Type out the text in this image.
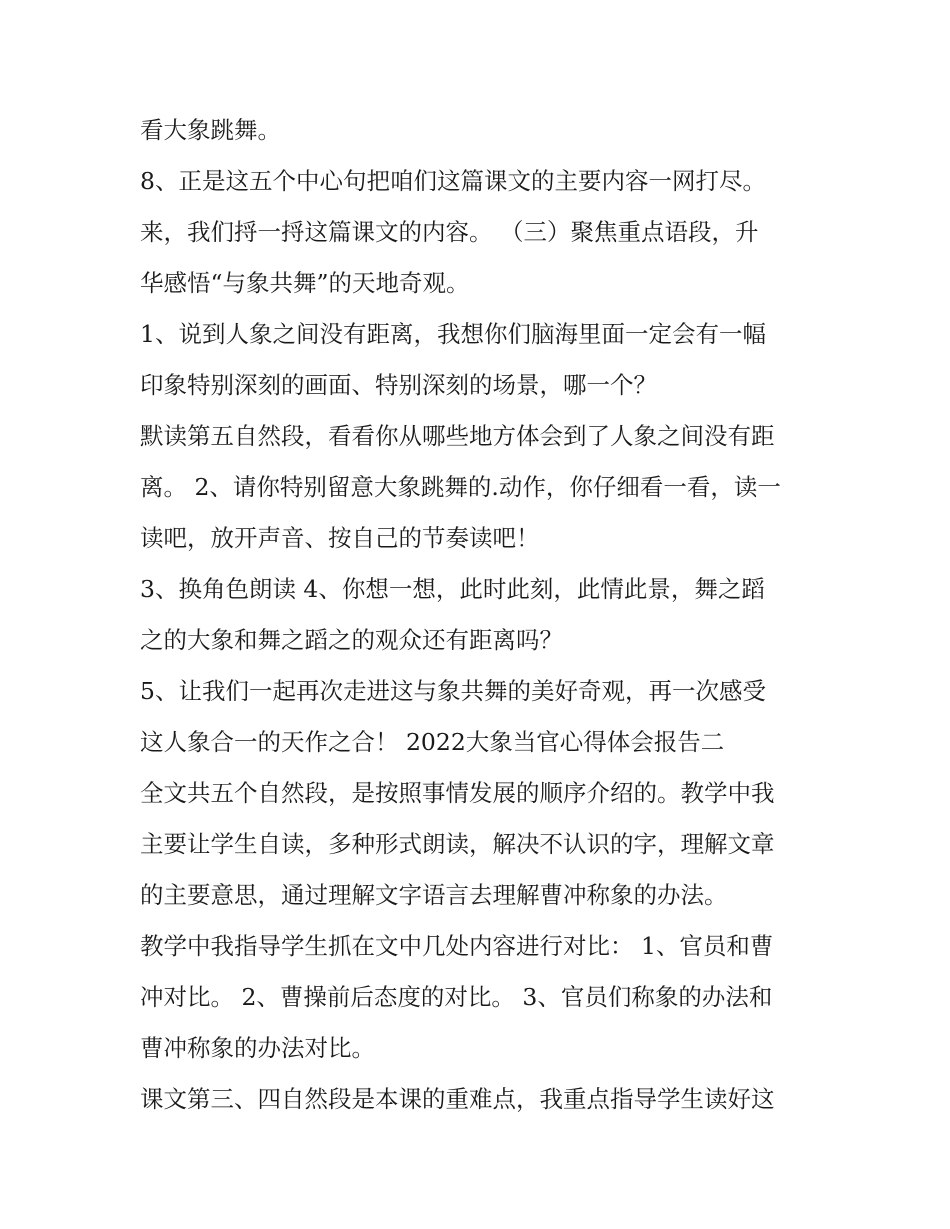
看大象跳舞。
8、正是这五个中心句把咱们这篇课文的主要内容一网打尽。
来，我们捋一捋这篇课文的内容。 （三）聚焦重点语段，升
华感悟“与象共舞”的天地奇观。
1、说到人象之间没有距离，我想你们脑海里面一定会有一幅
印象特别深刻的画面、特别深刻的场景，哪一个？
默读第五自然段，看看你从哪些地方体会到了人象之间没有距
离。 2、请你特别留意大象跳舞的.动作，你仔细看一看，读一
读吧，放开声音、按自己的节奏读吧！
3、换角色朗读 4、你想一想，此时此刻，此情此景，舞之蹈
之的大象和舞之蹈之的观众还有距离吗？
5、让我们一起再次走进这与象共舞的美好奇观，再一次感受
这人象合一的天作之合！ 2022大象当官心得体会报告二
全文共五个自然段，是按照事情发展的顺序介绍的。教学中我
主要让学生自读，多种形式朗读，解决不认识的字，理解文章
的主要意思，通过理解文字语言去理解曹冲称象的办法。
教学中我指导学生抓在文中几处内容进行对比： 1、官员和曹
冲对比。 2、曹操前后态度的对比。 3、官员们称象的办法和
曹冲称象的办法对比。
课文第三、四自然段是本课的重难点，我重点指导学生读好这
